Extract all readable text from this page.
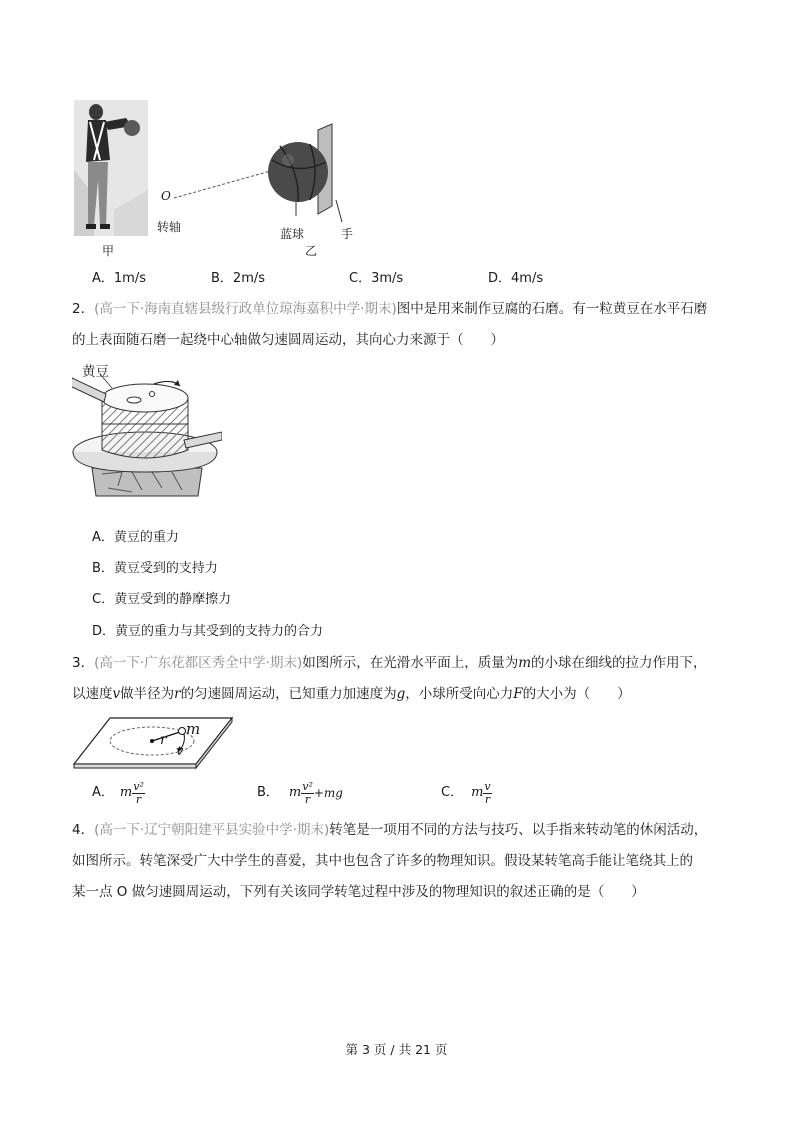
甲
O
转轴	蓝球	手
乙
A．1m/s	B．2m/s	C．3m/s	D．4m/s
2．(高一下·海南直辖县级行政单位琼海嘉积中学·期末)图中是用来制作豆腐的石磨。有一粒黄豆在水平石磨
的上表面随石磨一起绕中心轴做匀速圆周运动，其向心力来源于（　　）
黄豆
A．黄豆的重力
B．黄豆受到的支持力
C．黄豆受到的静摩擦力
D．黄豆的重力与其受到的支持力的合力
3．(高一下·广东花都区秀全中学·期末)如图所示，在光滑水平面上，质量为m的小球在细线的拉力作用下，
以速度v做半径为r的匀速圆周运动，已知重力加速度为g，小球所受向心力F的大小为（　　）
m
r
v
A． m $\frac{\text{v²}}{r}$	B． m $\frac{\text{v²}}{r} +mg$	C． m $\frac{v}{r}$
4．(高一下·辽宁朝阳建平县实验中学·期末)转笔是一项用不同的方法与技巧、以手指来转动笔的休闲活动，
如图所示。转笔深受广大中学生的喜爱，其中也包含了许多的物理知识。假设某转笔高手能让笔绕其上的
某一点 O 做匀速圆周运动，下列有关该同学转笔过程中涉及的物理知识的叙述正确的是（　　）
第 3 页 / 共 21 页
